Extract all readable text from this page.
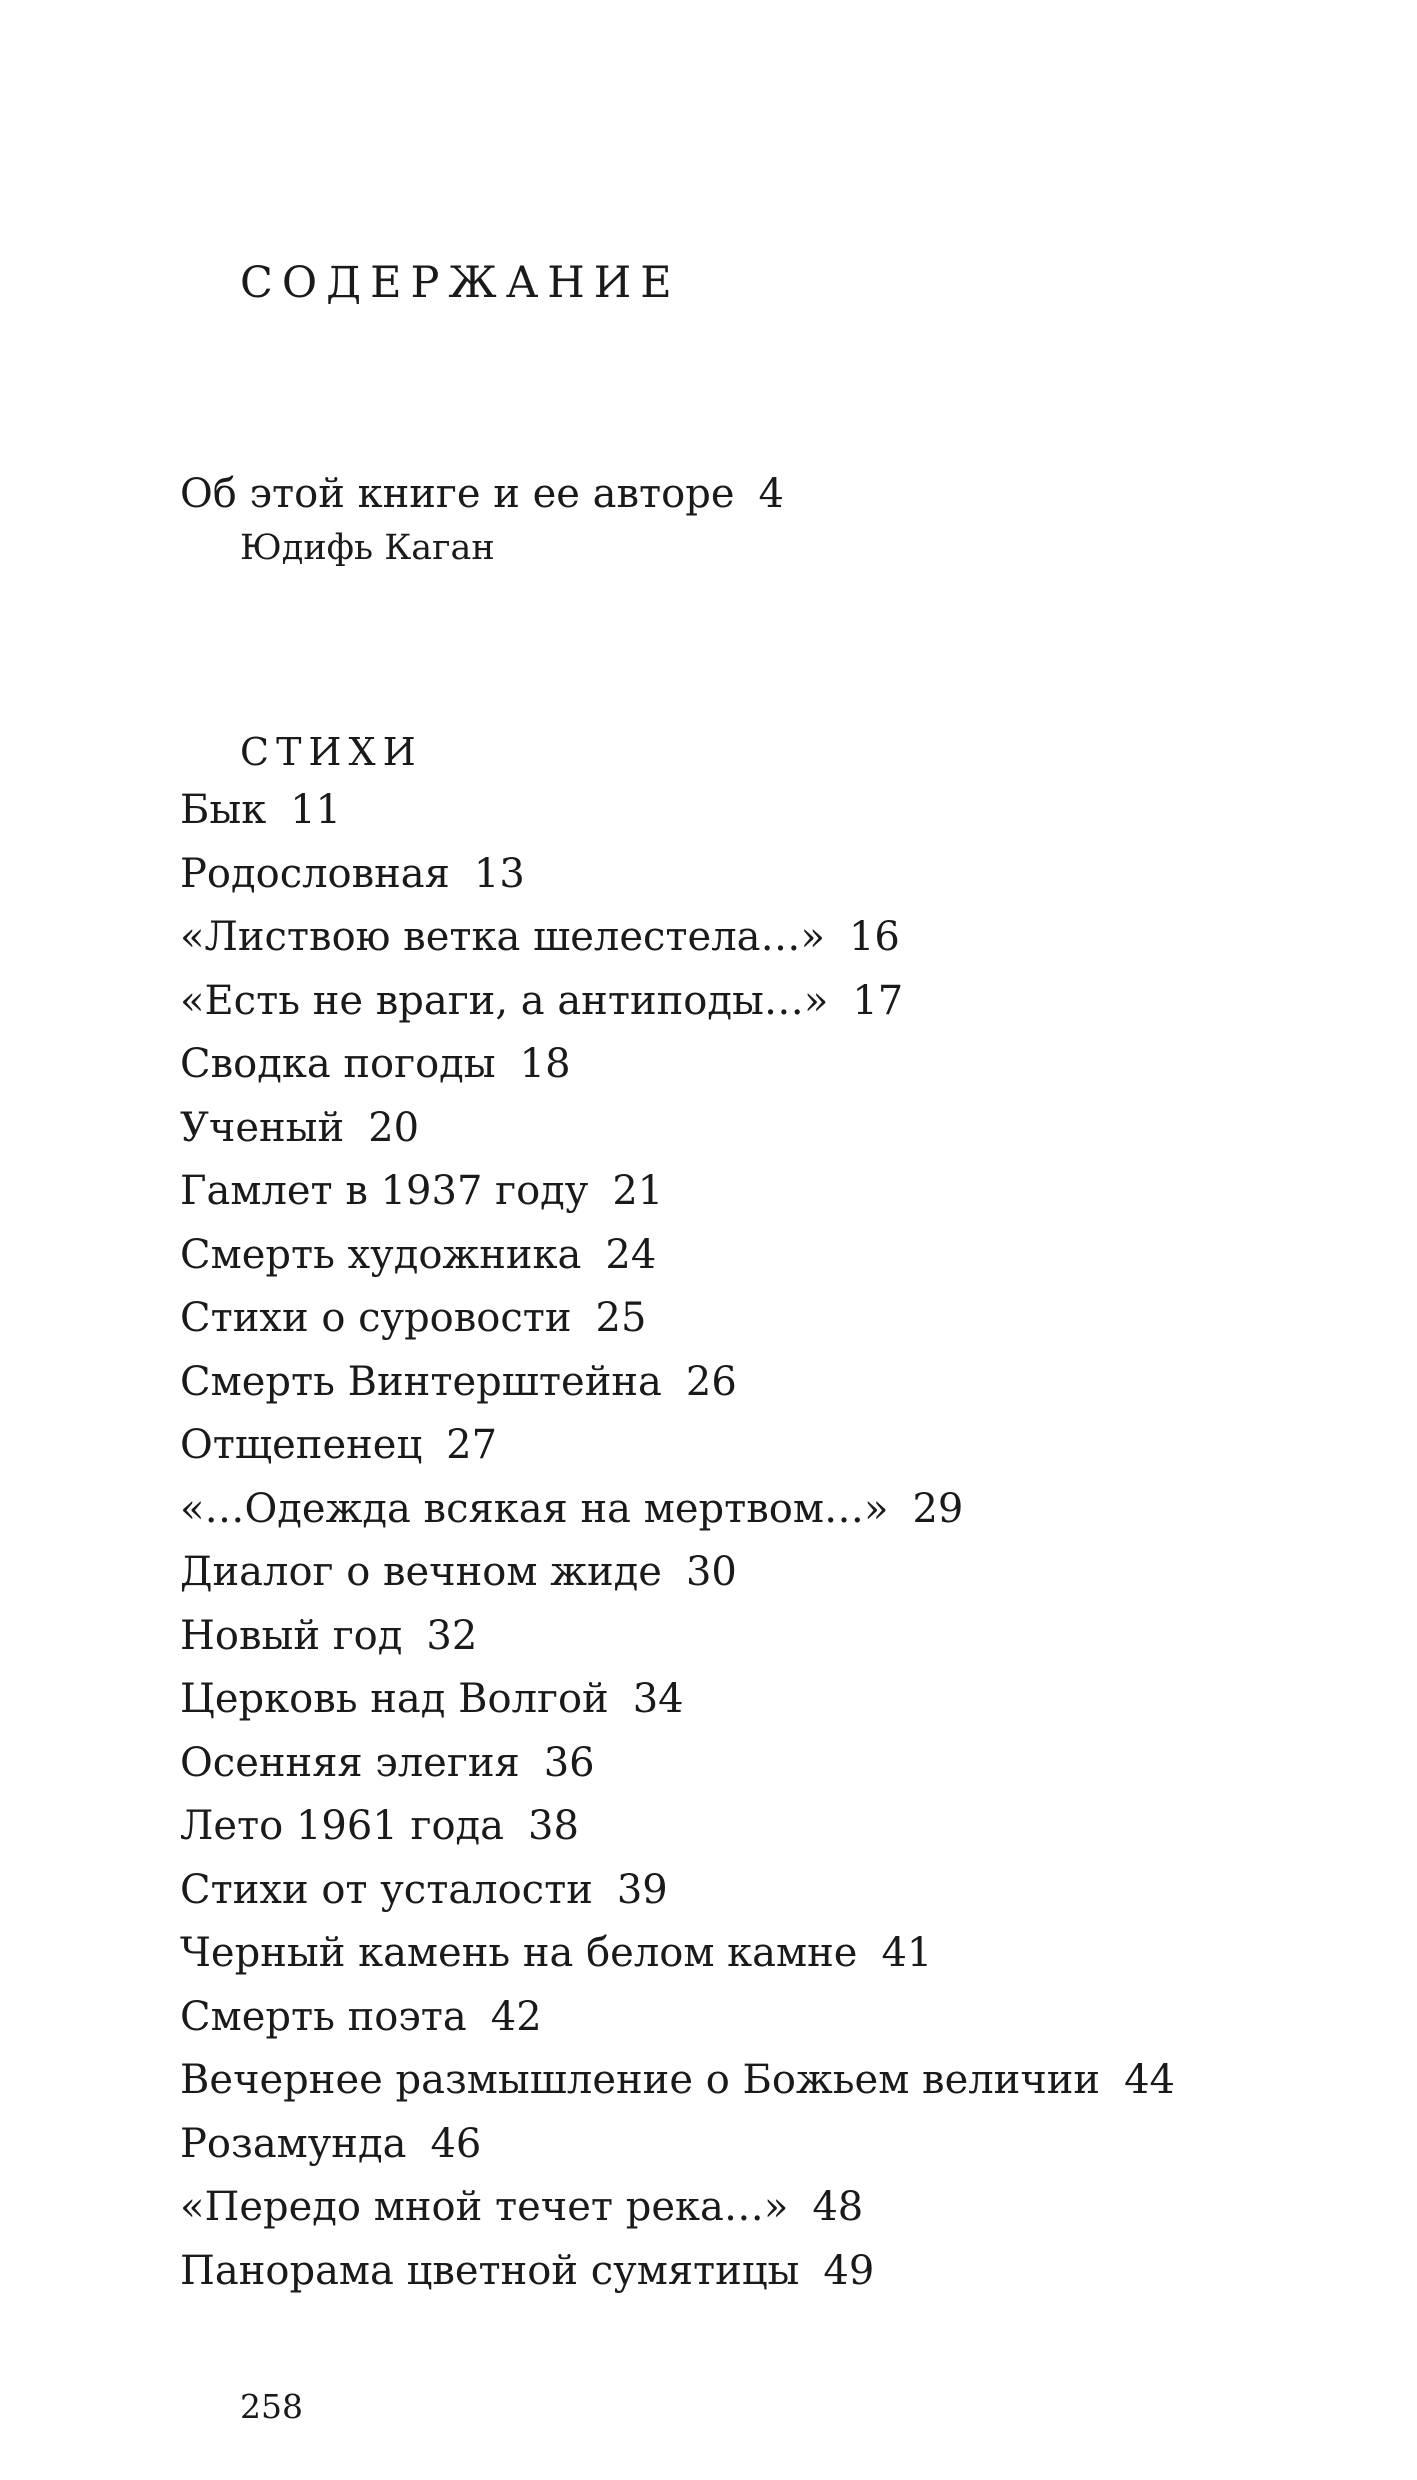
СОДЕРЖАНИЕ
Об этой книге и ее авторе 4
Юдифь Каган
СТИХИ
Бык 11
Родословная 13
«Листвою ветка шелестела…» 16
«Есть не враги, а антиподы…» 17
Сводка погоды 18
Ученый 20
Гамлет в 1937 году 21
Смерть художника 24
Стихи о суровости 25
Смерть Винтерштейна 26
Отщепенец 27
«…Одежда всякая на мертвом…» 29
Диалог о вечном жиде 30
Новый год 32
Церковь над Волгой 34
Осенняя элегия 36
Лето 1961 года 38
Стихи от усталости 39
Черный камень на белом камне 41
Смерть поэта 42
Вечернее размышление о Божьем величии 44
Розамунда 46
«Передо мной течет река…» 48
Панорама цветной сумятицы 49
258
